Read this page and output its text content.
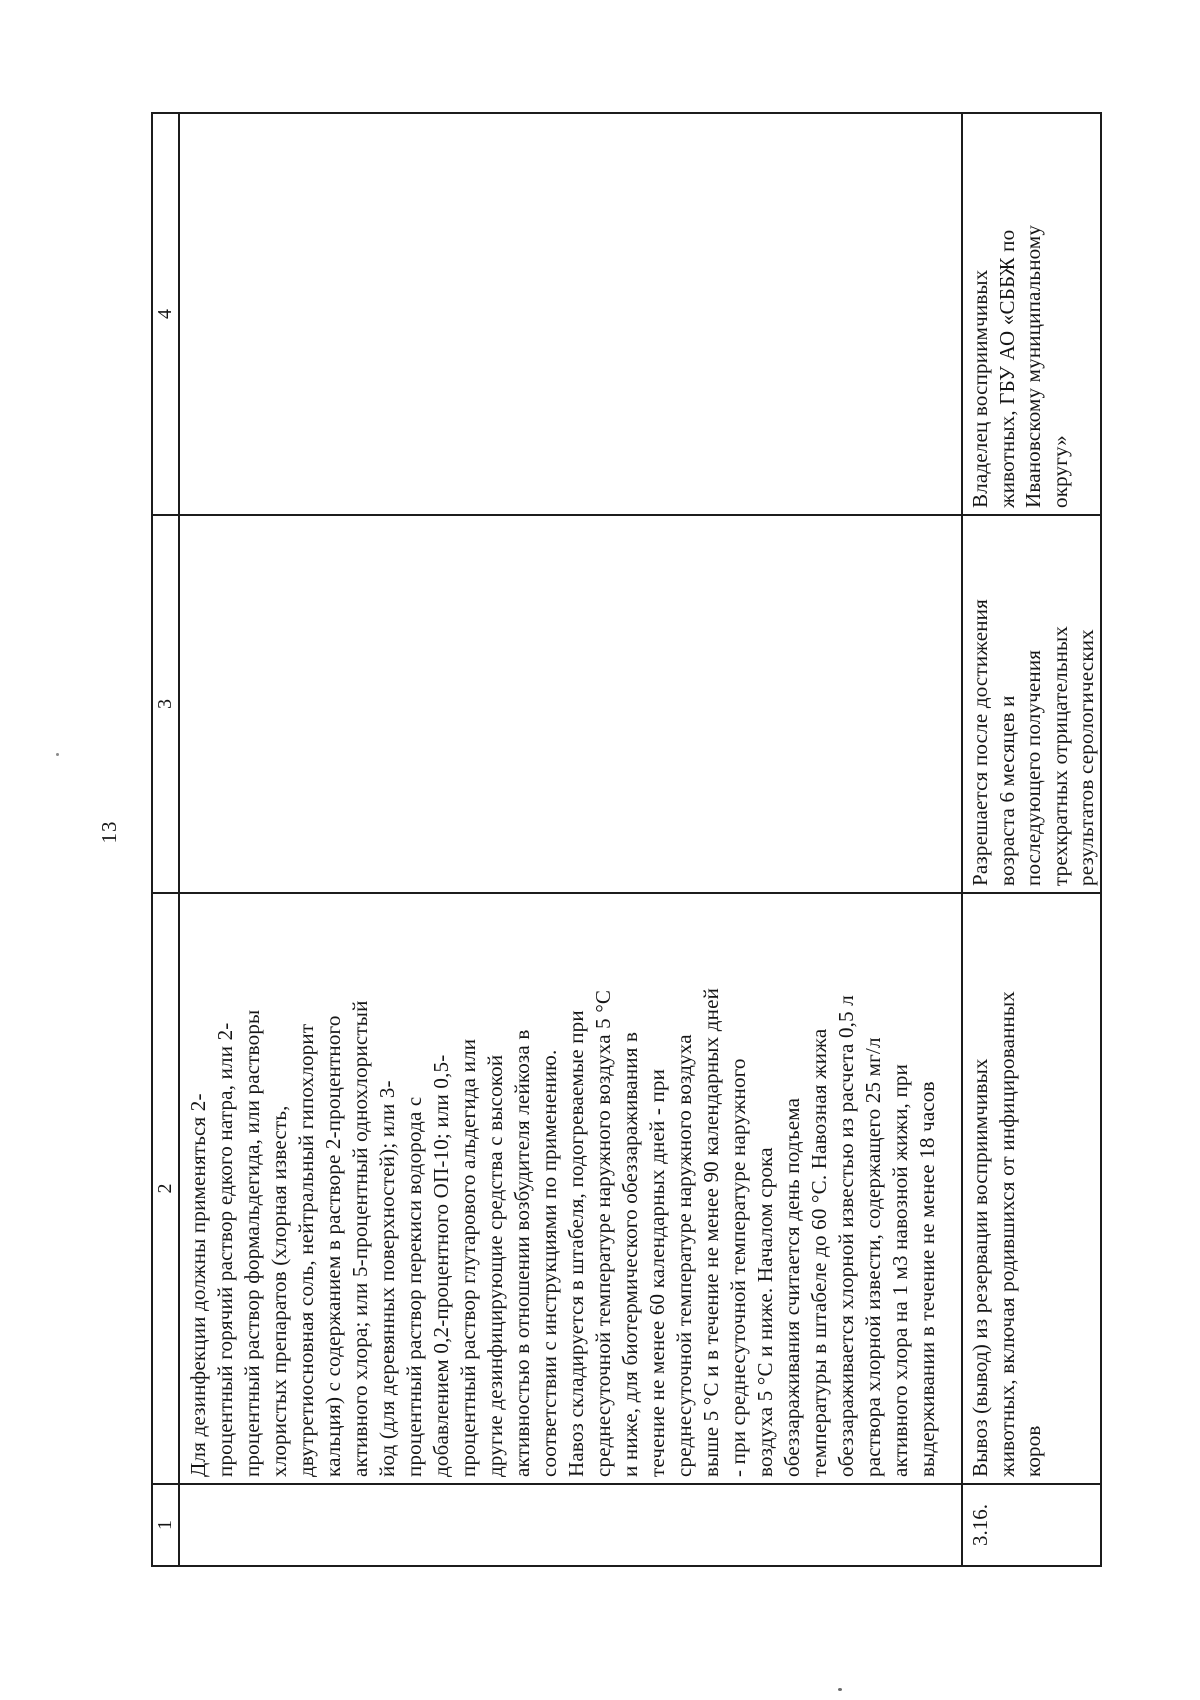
13
1
2
3
4
Для дезинфекции должны применяться 2- процентный горячий раствор едкого натра, или 2- процентный раствор формальдегида, или растворы хлористых препаратов (хлорная известь, двутретиосновная соль, нейтральный гипохлорит кальция) с содержанием в растворе 2-процентного активного хлора; или 5-процентный однохлористый йод (для деревянных поверхностей); или 3- процентный раствор перекиси водорода с добавлением 0,2-процентного ОП-10; или 0,5- процентный раствор глутарового альдегида или другие дезинфицирующие средства с высокой активностью в отношении возбудителя лейкоза в соответствии с инструкциями по применению. Навоз складируется в штабеля, подогреваемые при среднесуточной температуре наружного воздуха 5 °С и ниже, для биотермического обеззараживания в течение не менее 60 календарных дней - при среднесуточной температуре наружного воздуха выше 5 °С и в течение не менее 90 календарных дней - при среднесуточной температуре наружного воздуха 5 °С и ниже. Началом срока обеззараживания считается день подъема температуры в штабеле до 60 °С. Навозная жижа обеззараживается хлорной известью из расчета 0,5 л раствора хлорной извести, содержащего 25 мг/л активного хлора на 1 м3 навозной жижи, при выдерживании в течение не менее 18 часов
3.16.
Вывоз (вывод) из резервации восприимчивых животных, включая родившихся от инфицированных коров
Разрешается после достижения возраста 6 месяцев и последующего получения трехкратных отрицательных результатов серологических
Владелец восприимчивых животных, ГБУ АО «СББЖ по Ивановскому муниципальному округу»
